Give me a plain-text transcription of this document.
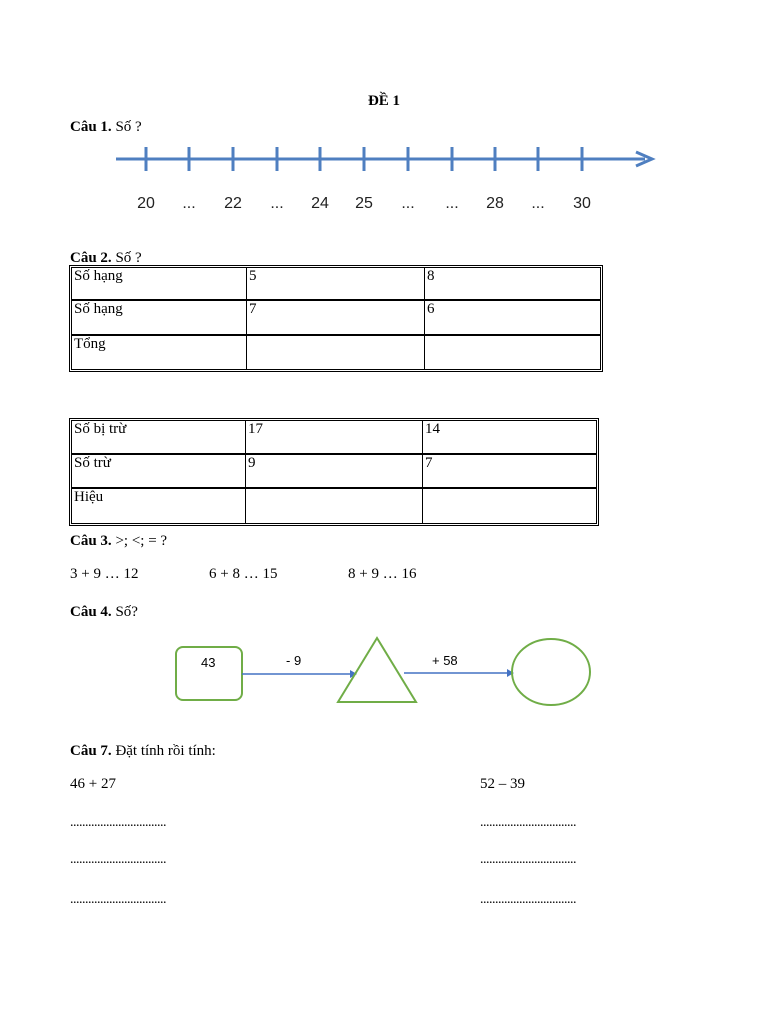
ĐỀ 1
Câu 1. Số ?
20	...	22	...	24	25	...	...	28	...	30
Câu 2. Số ?
Số hạng	5	8
Số hạng	7	6
Tổng		
Số bị trừ	17	14
Số trừ	9	7
Hiệu		
Câu 3. >; <; = ?
3 + 9 … 12	6 + 8 … 15	8 + 9 … 16
Câu 4. Số?
43	- 9	+ 58
Câu 7. Đặt tính rồi tính:
46 + 27	52 – 39
................................	................................
................................	................................
................................	................................
